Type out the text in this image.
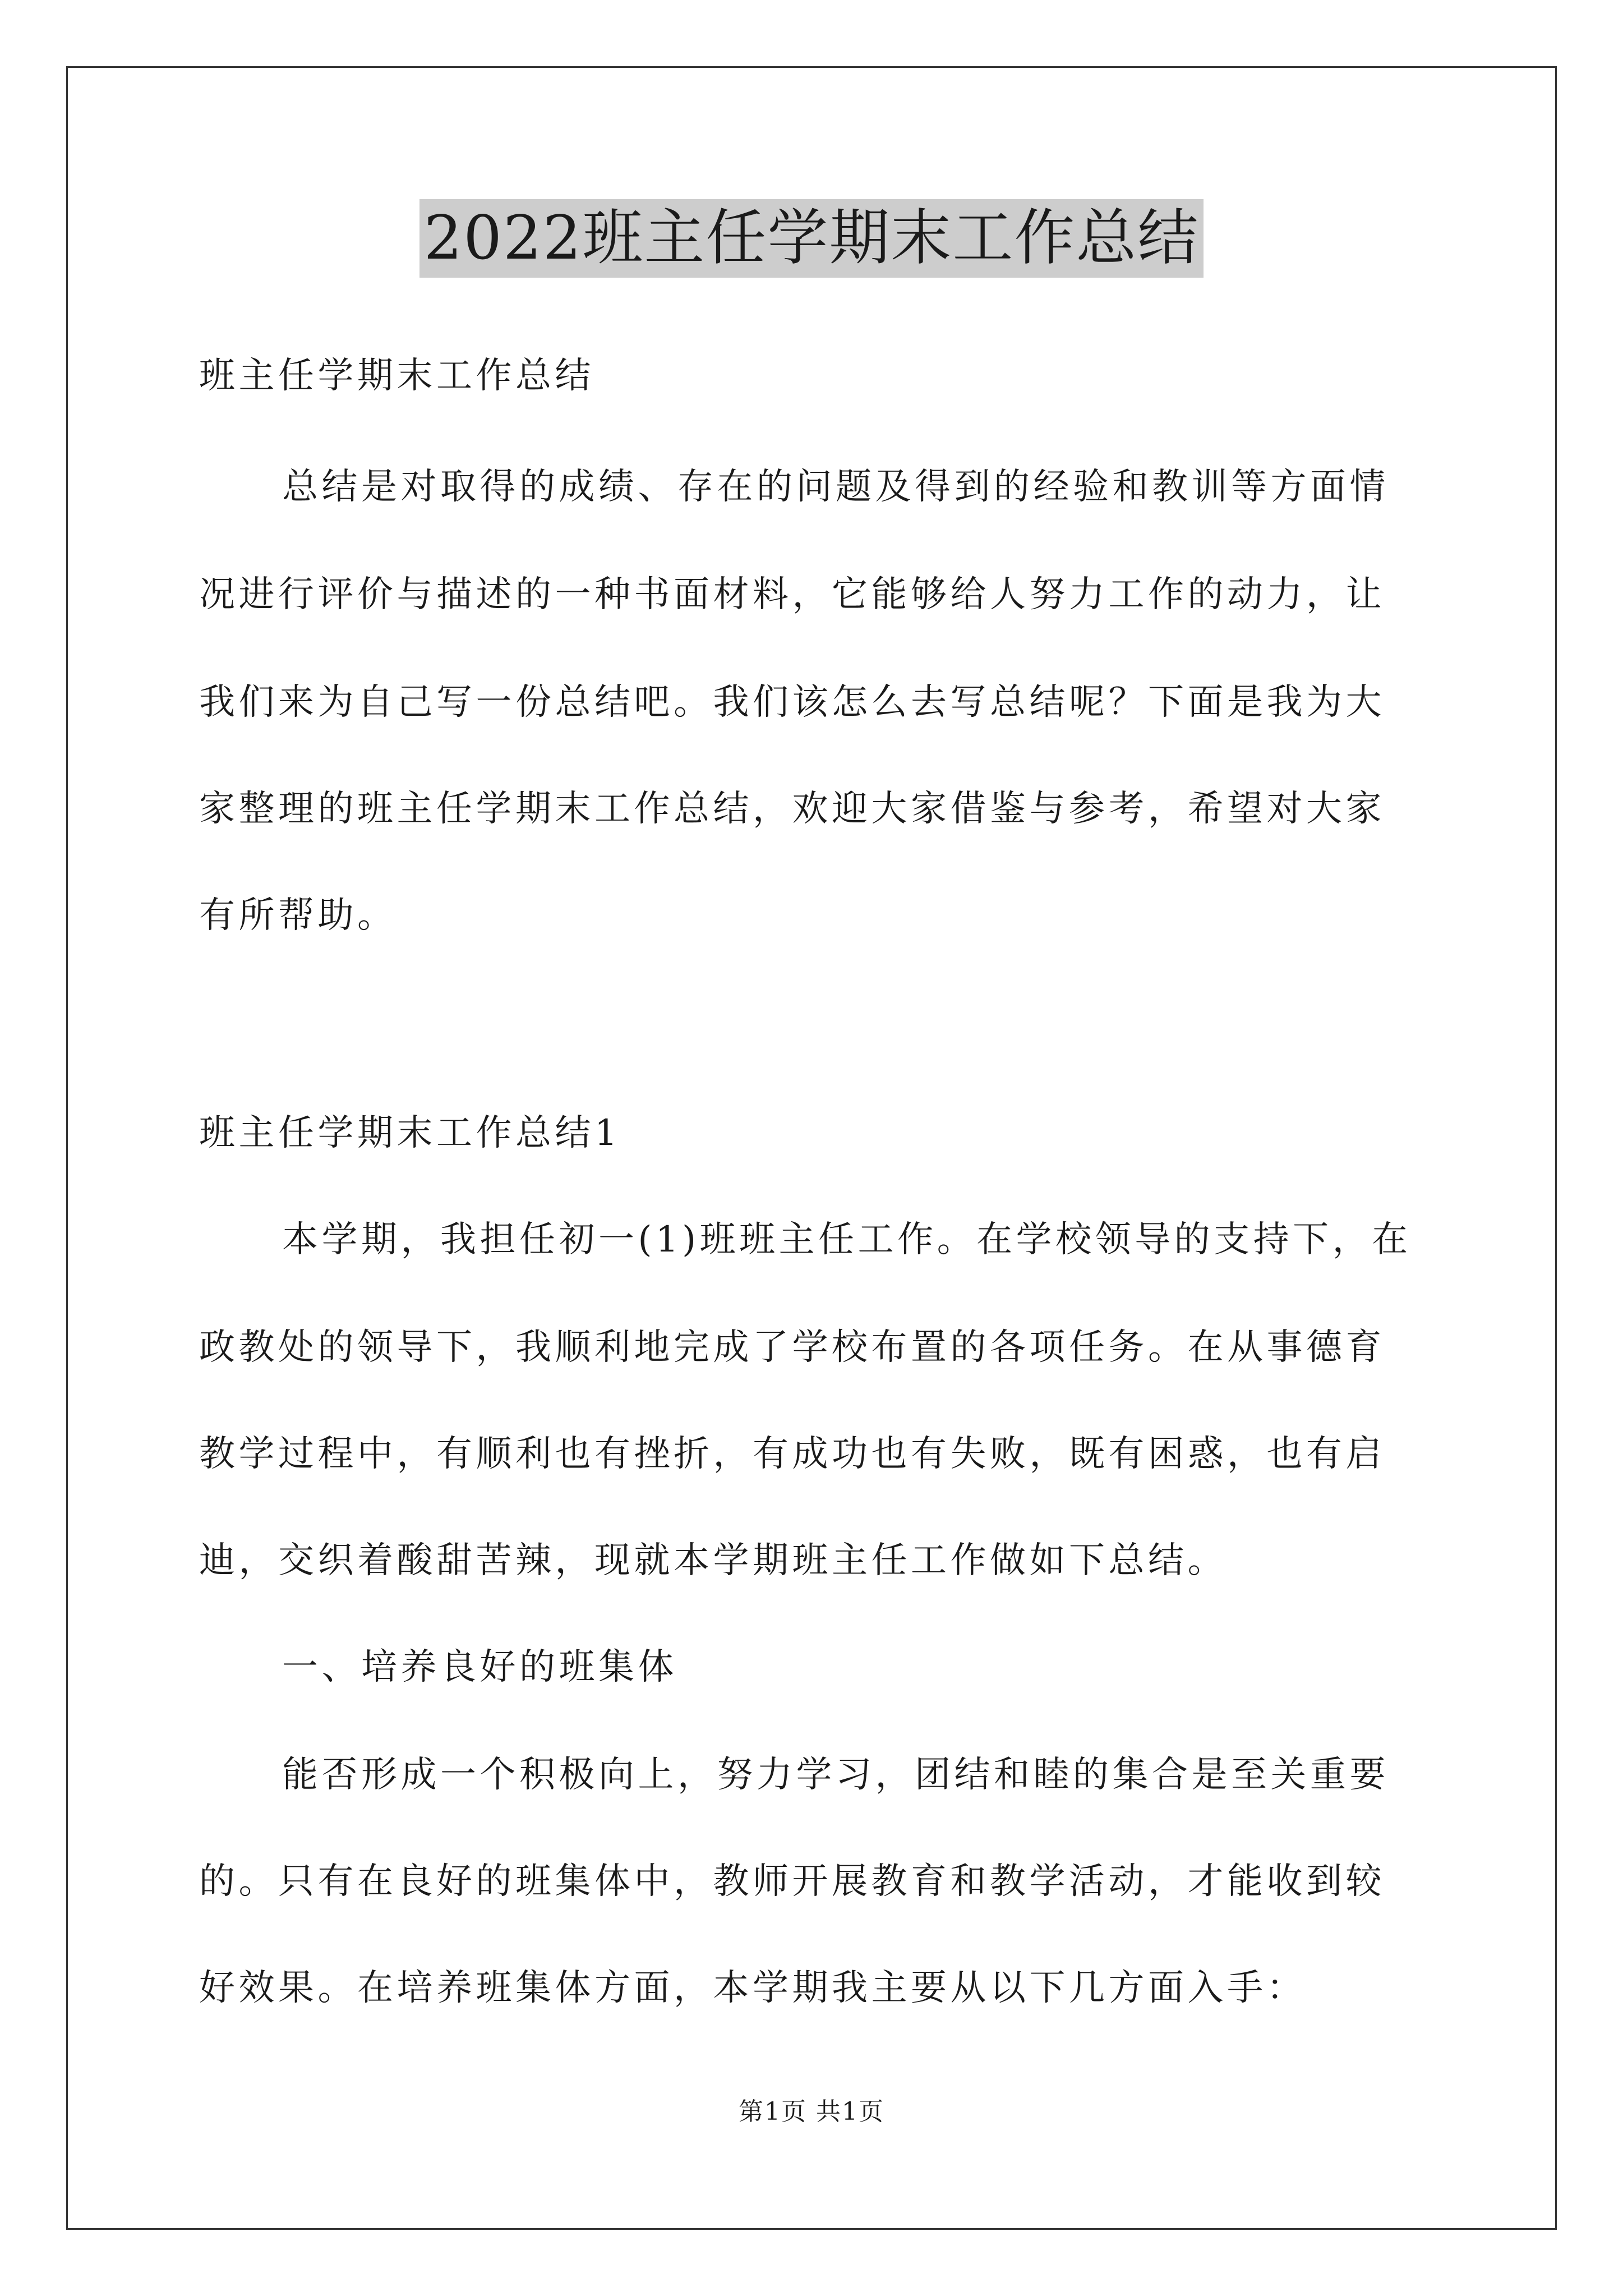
2022班主任学期末工作总结
班主任学期末工作总结
总结是对取得的成绩、存在的问题及得到的经验和教训等方面情
况进行评价与描述的一种书面材料，它能够给人努力工作的动力，让
我们来为自己写一份总结吧。我们该怎么去写总结呢？下面是我为大
家整理的班主任学期末工作总结，欢迎大家借鉴与参考，希望对大家
有所帮助。
班主任学期末工作总结1
本学期，我担任初一(1)班班主任工作。在学校领导的支持下，在
政教处的领导下，我顺利地完成了学校布置的各项任务。在从事德育
教学过程中，有顺利也有挫折，有成功也有失败，既有困惑，也有启
迪，交织着酸甜苦辣，现就本学期班主任工作做如下总结。
一、培养良好的班集体
能否形成一个积极向上，努力学习，团结和睦的集合是至关重要
的。只有在良好的班集体中，教师开展教育和教学活动，才能收到较
好效果。在培养班集体方面，本学期我主要从以下几方面入手：
第1页 共1页
